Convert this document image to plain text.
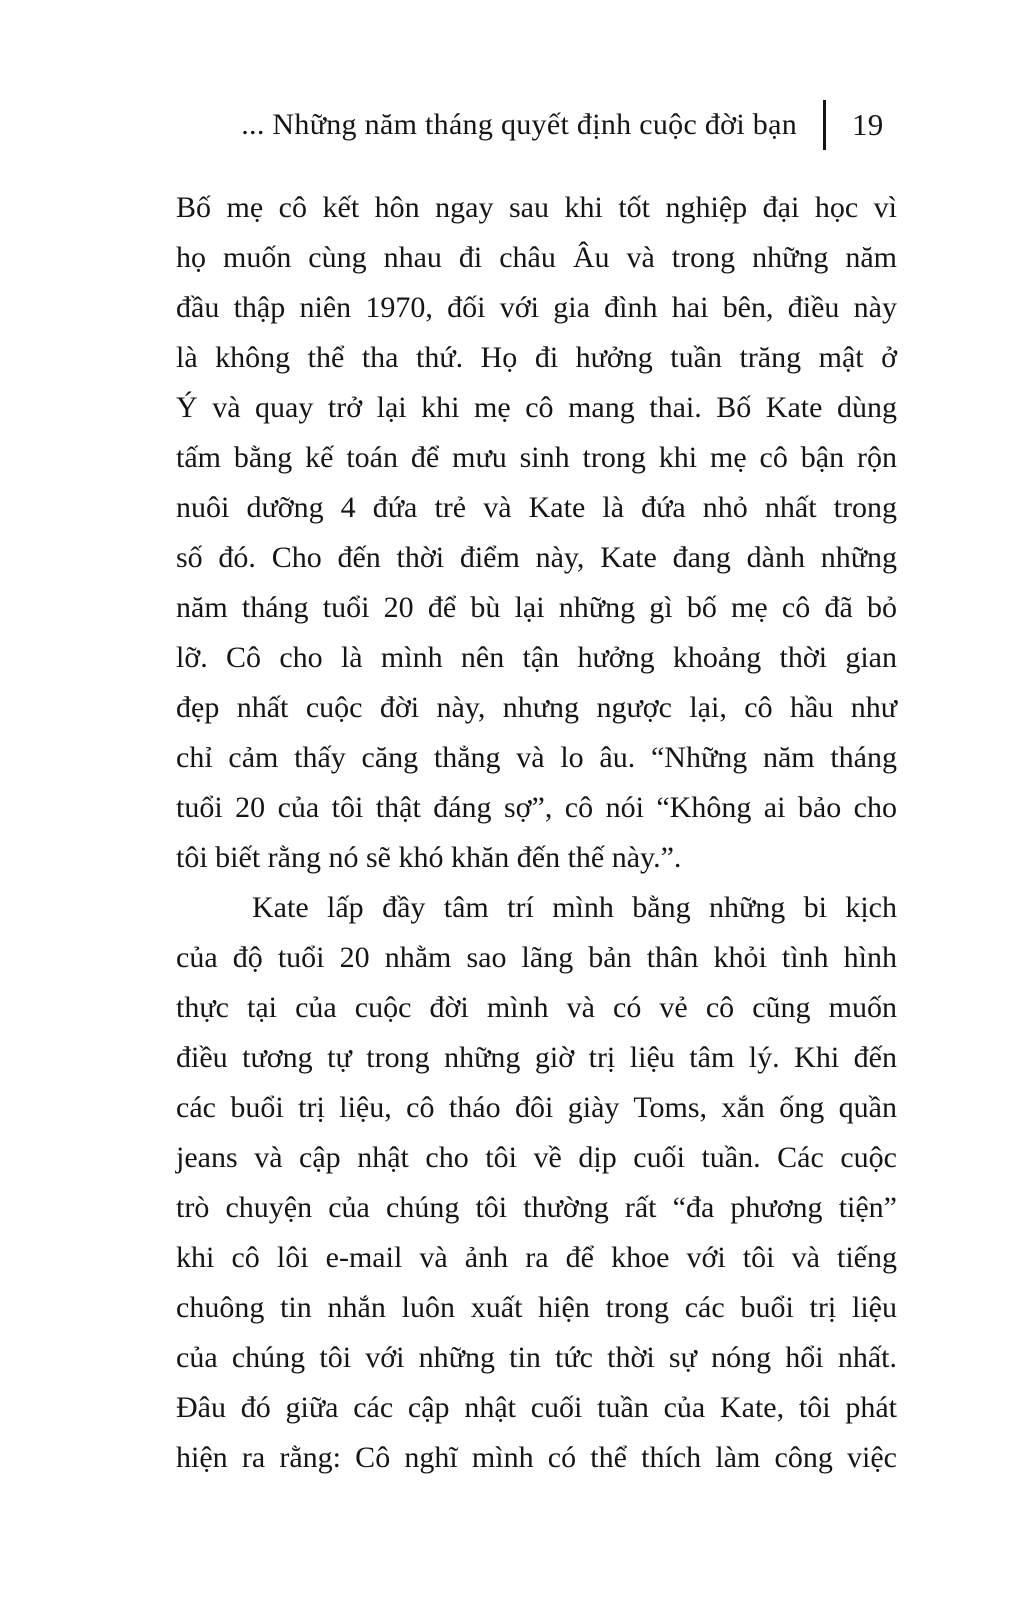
... Những năm tháng quyết định cuộc đời bạn 19
Bố mẹ cô kết hôn ngay sau khi tốt nghiệp đại học vì
họ muốn cùng nhau đi châu Âu và trong những năm
đầu thập niên 1970, đối với gia đình hai bên, điều này
là không thể tha thứ. Họ đi hưởng tuần trăng mật ở
Ý và quay trở lại khi mẹ cô mang thai. Bố Kate dùng
tấm bằng kế toán để mưu sinh trong khi mẹ cô bận rộn
nuôi dưỡng 4 đứa trẻ và Kate là đứa nhỏ nhất trong
số đó. Cho đến thời điểm này, Kate đang dành những
năm tháng tuổi 20 để bù lại những gì bố mẹ cô đã bỏ
lỡ. Cô cho là mình nên tận hưởng khoảng thời gian
đẹp nhất cuộc đời này, nhưng ngược lại, cô hầu như
chỉ cảm thấy căng thẳng và lo âu. “Những năm tháng
tuổi 20 của tôi thật đáng sợ”, cô nói “Không ai bảo cho
tôi biết rằng nó sẽ khó khăn đến thế này.”.
Kate lấp đầy tâm trí mình bằng những bi kịch
của độ tuổi 20 nhằm sao lãng bản thân khỏi tình hình
thực tại của cuộc đời mình và có vẻ cô cũng muốn
điều tương tự trong những giờ trị liệu tâm lý. Khi đến
các buổi trị liệu, cô tháo đôi giày Toms, xắn ống quần
jeans và cập nhật cho tôi về dịp cuối tuần. Các cuộc
trò chuyện của chúng tôi thường rất “đa phương tiện”
khi cô lôi e-mail và ảnh ra để khoe với tôi và tiếng
chuông tin nhắn luôn xuất hiện trong các buổi trị liệu
của chúng tôi với những tin tức thời sự nóng hổi nhất.
Đâu đó giữa các cập nhật cuối tuần của Kate, tôi phát
hiện ra rằng: Cô nghĩ mình có thể thích làm công việc
